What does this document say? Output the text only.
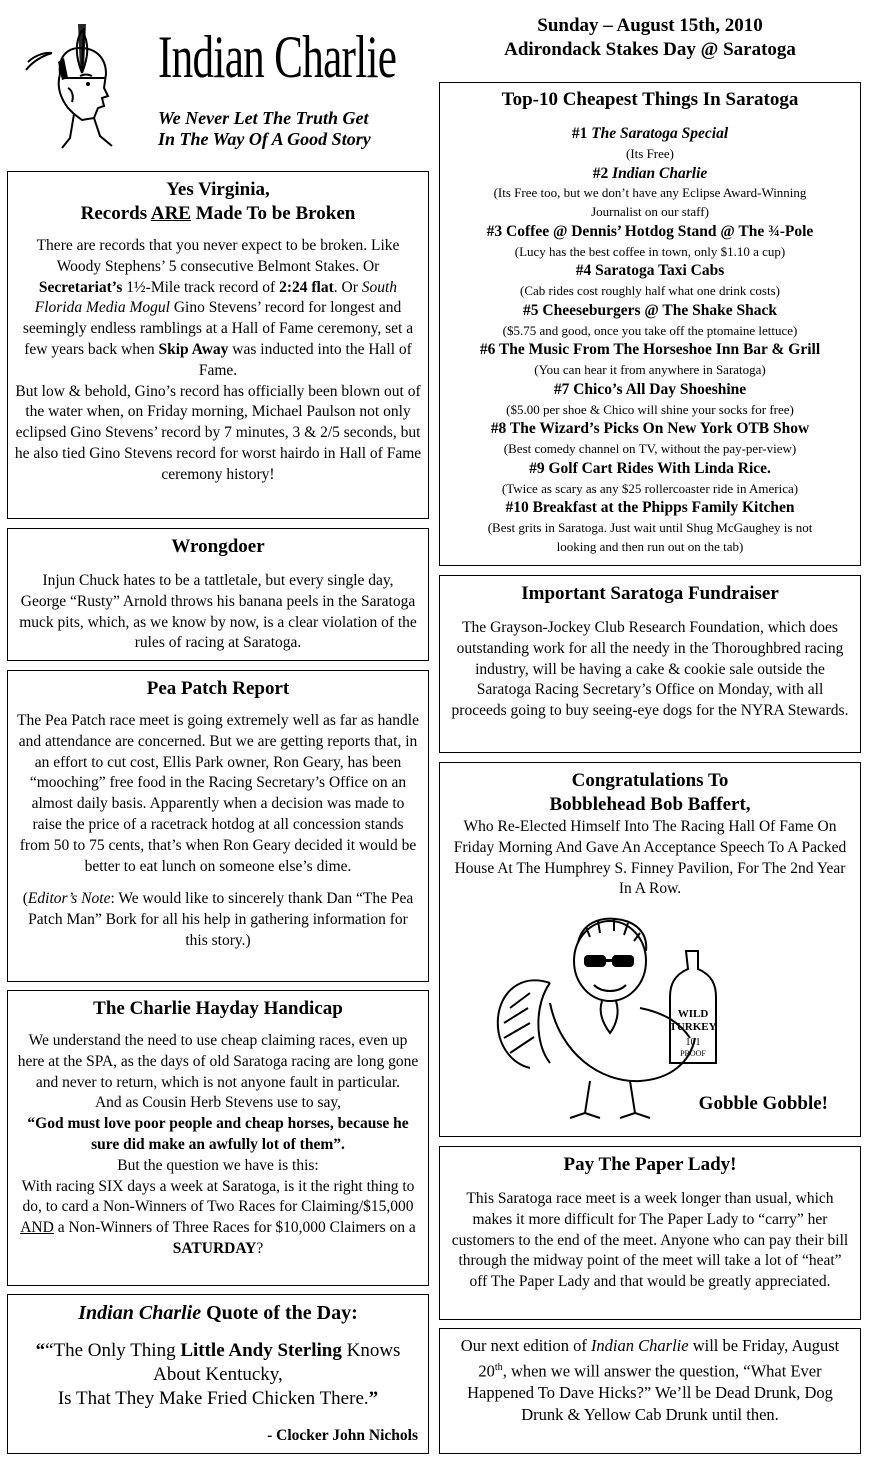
Indian Charlie
We Never Let The Truth Get
In The Way Of A Good Story
Sunday – August 15th, 2010
Adirondack Stakes Day @ Saratoga
Yes Virginia,
Records ARE Made To be Broken

There are records that you never expect to be broken. Like Woody Stephens’ 5 consecutive Belmont Stakes. Or Secretariat’s 1½-Mile track record of 2:24 flat. Or South Florida Media Mogul Gino Stevens’ record for longest and seemingly endless ramblings at a Hall of Fame ceremony, set a few years back when Skip Away was inducted into the Hall of Fame.

But low & behold, Gino’s record has officially been blown out of the water when, on Friday morning, Michael Paulson not only eclipsed Gino Stevens’ record by 7 minutes, 3 & 2/5 seconds, but he also tied Gino Stevens record for worst hairdo in Hall of Fame ceremony history!

Wrongdoer

Injun Chuck hates to be a tattletale, but every single day, George “Rusty” Arnold throws his banana peels in the Saratoga muck pits, which, as we know by now, is a clear violation of the rules of racing at Saratoga.

Pea Patch Report

The Pea Patch race meet is going extremely well as far as handle and attendance are concerned. But we are getting reports that, in an effort to cut cost, Ellis Park owner, Ron Geary, has been “mooching” free food in the Racing Secretary’s Office on an almost daily basis. Apparently when a decision was made to raise the price of a racetrack hotdog at all concession stands from 50 to 75 cents, that’s when Ron Geary decided it would be better to eat lunch on someone else’s dime.

(Editor’s Note: We would like to sincerely thank Dan “The Pea Patch Man” Bork for all his help in gathering information for this story.)

The Charlie Hayday Handicap

We understand the need to use cheap claiming races, even up here at the SPA, as the days of old Saratoga racing are long gone and never to return, which is not anyone fault in particular.

And as Cousin Herb Stevens use to say,

“God must love poor people and cheap horses, because he sure did make an awfully lot of them”.

But the question we have is this:

With racing SIX days a week at Saratoga, is it the right thing to do, to card a Non-Winners of Two Races for Claiming/$15,000 AND a Non-Winners of Three Races for $10,000 Claimers on a SATURDAY?

Indian Charlie Quote of the Day:
““The Only Thing Little Andy Sterling Knows About Kentucky,
Is That They Make Fried Chicken There.”
- Clocker John Nichols
Top-10 Cheapest Things In Saratoga
#1 The Saratoga Special
(Its Free)
#2 Indian Charlie
(Its Free too, but we don’t have any Eclipse Award-Winning Journalist on our staff)
#3 Coffee @ Dennis’ Hotdog Stand @ The ¾-Pole
(Lucy has the best coffee in town, only $1.10 a cup)
#4 Saratoga Taxi Cabs
(Cab rides cost roughly half what one drink costs)
#5 Cheeseburgers @ The Shake Shack
($5.75 and good, once you take off the ptomaine lettuce)
#6 The Music From The Horseshoe Inn Bar & Grill
(You can hear it from anywhere in Saratoga)
#7 Chico’s All Day Shoeshine
($5.00 per shoe & Chico will shine your socks for free)
#8 The Wizard’s Picks On New York OTB Show
(Best comedy channel on TV, without the pay-per-view)
#9 Golf Cart Rides With Linda Rice.
(Twice as scary as any $25 rollercoaster ride in America)
#10 Breakfast at the Phipps Family Kitchen
(Best grits in Saratoga. Just wait until Shug McGaughey is not looking and then run out on the tab)
Important Saratoga Fundraiser

The Grayson-Jockey Club Research Foundation, which does outstanding work for all the needy in the Thoroughbred racing industry, will be having a cake & cookie sale outside the Saratoga Racing Secretary’s Office on Monday, with all proceeds going to buy seeing-eye dogs for the NYRA Stewards.

Congratulations To
Bobblehead Bob Baffert,

Who Re-Elected Himself Into The Racing Hall Of Fame On Friday Morning And Gave An Acceptance Speech To A Packed House At The Humphrey S. Finney Pavilion, For The 2nd Year In A Row.

WILD
TURKEY
101
PROOF
Gobble Gobble!
Pay The Paper Lady!

This Saratoga race meet is a week longer than usual, which makes it more difficult for The Paper Lady to “carry” her customers to the end of the meet. Anyone who can pay their bill through the midway point of the meet will take a lot of “heat” off The Paper Lady and that would be greatly appreciated.

Our next edition of Indian Charlie will be Friday, August 20th, when we will answer the question, “What Ever Happened To Dave Hicks?” We’ll be Dead Drunk, Dog Drunk & Yellow Cab Drunk until then.
